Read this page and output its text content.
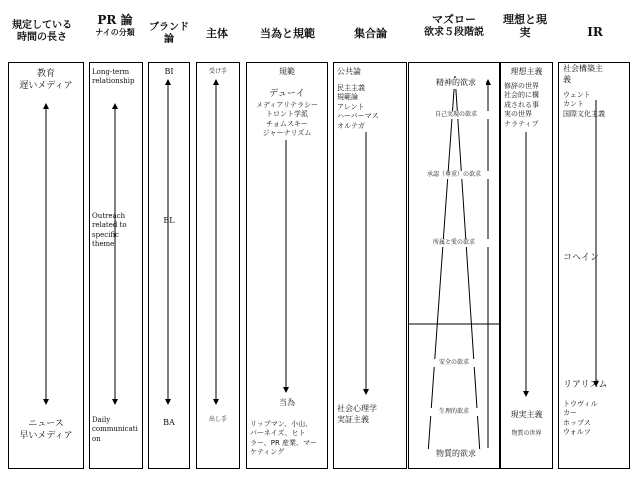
規定している
時間の長さ
PR 論
ナイの分類	ブランド論	主体	当為と規範	集合論
マズロー
欲求５段階説
理想と現実	IR
教育
遅いメディア
ニュース
早いメディア
Long-term
relationship
Outreach
related to
specific
theme
Daily
communicati
on
BI
BL
BA
受け手
出し手
規範
デューイ
メディアリテラシー
トロント学派
チョムスキー
ジャーナリズム
当為
リップマン、小山、
バーネイズ、ヒト
ラー、PR 産業、マー
ケティング
公共論
民主主義
規範論
アレント
ハーバーマス
オルテガ
社会心理学
実証主義
精神的欲求
自己実現の欲求
承認（尊重）の欲求
所属と愛の欲求
安全の欲求
生理的欲求
物質的欲求
理想主義
修辞の世界
社会的に構
成される事
実の世界
ナラティブ
現実主義
物質の世界
社会構築主
義
ウェント
カント
国際文化主義
コヘイン
リアリズム
トウヴィル
カー
ホッブス
ウォルツ
